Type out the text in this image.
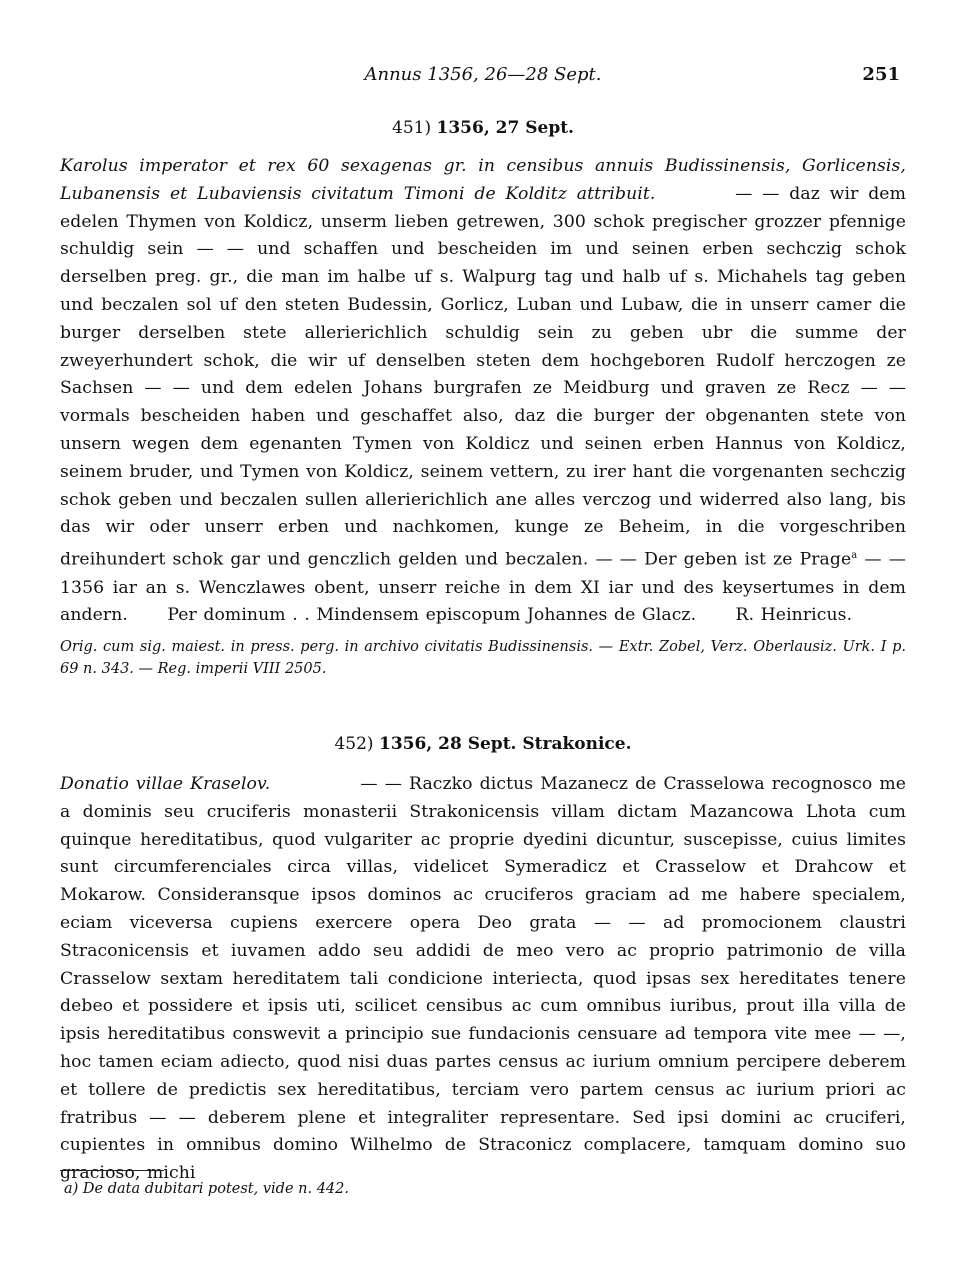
Annus 1356, 26—28 Sept.	251

451) 1356, 27 Sept.

Karolus imperator et rex 60 sexagenas gr. in censibus annuis Budissinensis, Gorlicensis, Lubanensis et Lubaviensis civitatum Timoni de Kolditz attribuit.	— — daz wir dem edelen Thymen von Koldicz, unserm lieben getrewen, 300 schok pregischer grozzer pfennige schuldig sein — — und schaffen und bescheiden im und seinen erben sechczig schok derselben preg. gr., die man im halbe uf s. Walpurg tag und halb uf s. Michahels tag geben und beczalen sol uf den steten Budessin, Gorlicz, Luban und Lubaw, die in unserr camer die burger derselben stete allerierichlich schuldig sein zu geben ubr die summe der zweyerhundert schok, die wir uf denselben steten dem hochgeboren Rudolf herczogen ze Sachsen — — und dem edelen Johans burgrafen ze Meidburg und graven ze Recz — — vormals bescheiden haben und geschaffet also, daz die burger der obgenanten stete von unsern wegen dem egenanten Tymen von Koldicz und seinen erben Hannus von Koldicz, seinem bruder, und Tymen von Koldicz, seinem vettern, zu irer hant die vorgenanten sechczig schok geben und beczalen sullen allerierichlich ane alles verczog und widerred also lang, bis das wir oder unserr erben und nachkomen, kunge ze Beheim, in die vorgeschriben dreihundert schok gar und genczlich gelden und beczalen. — — Der geben ist ze Prage$^a$ — — 1356 iar an s. Wenczlawes obent, unserr reiche in dem XI iar und des keysertumes in dem andern. Per dominum . . Mindensem episcopum Johannes de Glacz. R. Heinricus.

Orig. cum sig. maiest. in press. perg. in archivo civitatis Budissinensis. — Extr. Zobel, Verz. Oberlausiz. Urk. I p. 69 n. 343. — Reg. imperii VIII 2505.

452) 1356, 28 Sept. Strakonice.

Donatio villae Kraselov.	— — Raczko dictus Mazanecz de Crasselowa recognosco me a dominis seu cruciferis monasterii Strakonicensis villam dictam Mazancowa Lhota cum quinque hereditatibus, quod vulgariter ac proprie dyedini dicuntur, suscepisse, cuius limites sunt circumferenciales circa villas, videlicet Symeradicz et Crasselow et Drahcow et Mokarow. Consideransque ipsos dominos ac cruciferos graciam ad me habere specialem, eciam viceversa cupiens exercere opera Deo grata — — ad promocionem claustri Straconicensis et iuvamen addo seu addidi de meo vero ac proprio patrimonio de villa Crasselow sextam hereditatem tali condicione interiecta, quod ipsas sex hereditates tenere debeo et possidere et ipsis uti, scilicet censibus ac cum omnibus iuribus, prout illa villa de ipsis hereditatibus conswevit a principio sue fundacionis censuare ad tempora vite mee — —, hoc tamen eciam adiecto, quod nisi duas partes census ac iurium omnium percipere deberem et tollere de predictis sex hereditatibus, terciam vero partem census ac iurium priori ac fratribus — — deberem plene et integraliter representare. Sed ipsi domini ac cruciferi, cupientes in omnibus domino Wilhelmo de Straconicz complacere, tamquam domino suo gracioso, michi

a) De data dubitari potest, vide n. 442.
